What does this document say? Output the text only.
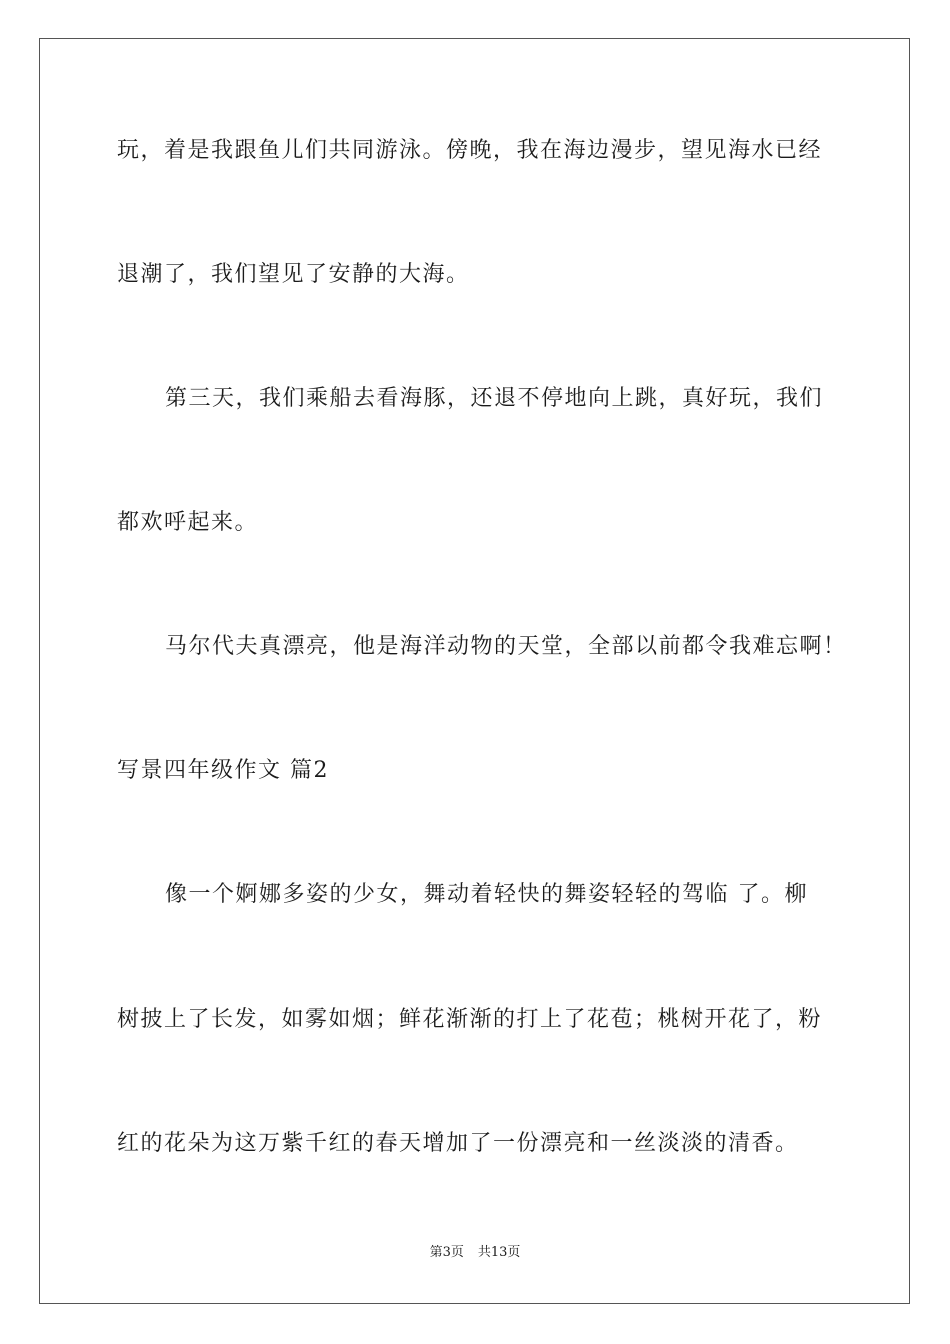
玩，着是我跟鱼儿们共同游泳。傍晚，我在海边漫步，望见海水已经
退潮了，我们望见了安静的大海。
第三天，我们乘船去看海豚，还退不停地向上跳，真好玩，我们
都欢呼起来。
马尔代夫真漂亮，他是海洋动物的天堂，全部以前都令我难忘啊！
写景四年级作文 篇2
像一个婀娜多姿的少女，舞动着轻快的舞姿轻轻的驾临 了。柳
树披上了长发，如雾如烟；鲜花渐渐的打上了花苞；桃树开花了，粉
红的花朵为这万紫千红的春天增加了一份漂亮和一丝淡淡的清香。
第3页 共13页
